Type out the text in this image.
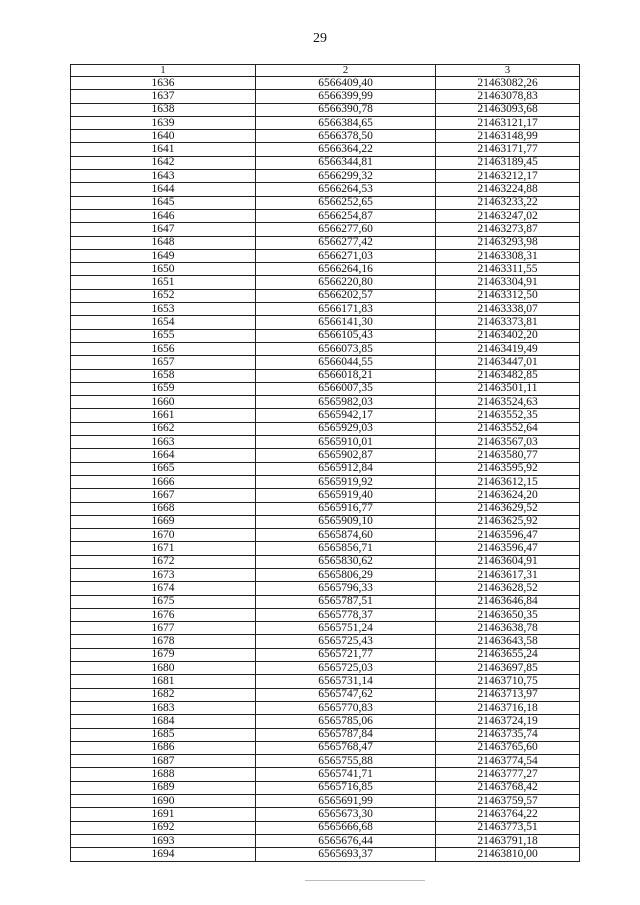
29
1	2	3
1636	6566409,40	21463082,26
1637	6566399,99	21463078,83
1638	6566390,78	21463093,68
1639	6566384,65	21463121,17
1640	6566378,50	21463148,99
1641	6566364,22	21463171,77
1642	6566344,81	21463189,45
1643	6566299,32	21463212,17
1644	6566264,53	21463224,88
1645	6566252,65	21463233,22
1646	6566254,87	21463247,02
1647	6566277,60	21463273,87
1648	6566277,42	21463293,98
1649	6566271,03	21463308,31
1650	6566264,16	21463311,55
1651	6566220,80	21463304,91
1652	6566202,57	21463312,50
1653	6566171,83	21463338,07
1654	6566141,30	21463373,81
1655	6566105,43	21463402,20
1656	6566073,85	21463419,49
1657	6566044,55	21463447,01
1658	6566018,21	21463482,85
1659	6566007,35	21463501,11
1660	6565982,03	21463524,63
1661	6565942,17	21463552,35
1662	6565929,03	21463552,64
1663	6565910,01	21463567,03
1664	6565902,87	21463580,77
1665	6565912,84	21463595,92
1666	6565919,92	21463612,15
1667	6565919,40	21463624,20
1668	6565916,77	21463629,52
1669	6565909,10	21463625,92
1670	6565874,60	21463596,47
1671	6565856,71	21463596,47
1672	6565830,62	21463604,91
1673	6565806,29	21463617,31
1674	6565796,33	21463628,52
1675	6565787,51	21463646,84
1676	6565778,37	21463650,35
1677	6565751,24	21463638,78
1678	6565725,43	21463643,58
1679	6565721,77	21463655,24
1680	6565725,03	21463697,85
1681	6565731,14	21463710,75
1682	6565747,62	21463713,97
1683	6565770,83	21463716,18
1684	6565785,06	21463724,19
1685	6565787,84	21463735,74
1686	6565768,47	21463765,60
1687	6565755,88	21463774,54
1688	6565741,71	21463777,27
1689	6565716,85	21463768,42
1690	6565691,99	21463759,57
1691	6565673,30	21463764,22
1692	6565666,68	21463773,51
1693	6565676,44	21463791,18
1694	6565693,37	21463810,00
